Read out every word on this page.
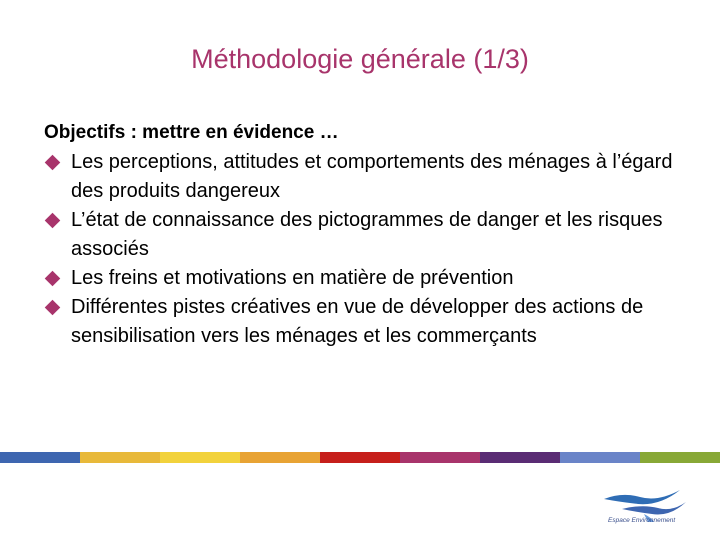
Méthodologie générale (1/3)
Objectifs : mettre en évidence …
Les perceptions, attitudes et comportements des ménages à l’égard des produits dangereux
L’état de connaissance des pictogrammes de danger et les risques associés
Les freins et motivations en matière de prévention
Différentes pistes créatives en vue de développer des actions de sensibilisation vers les ménages et les commerçants
Espace Environnement
